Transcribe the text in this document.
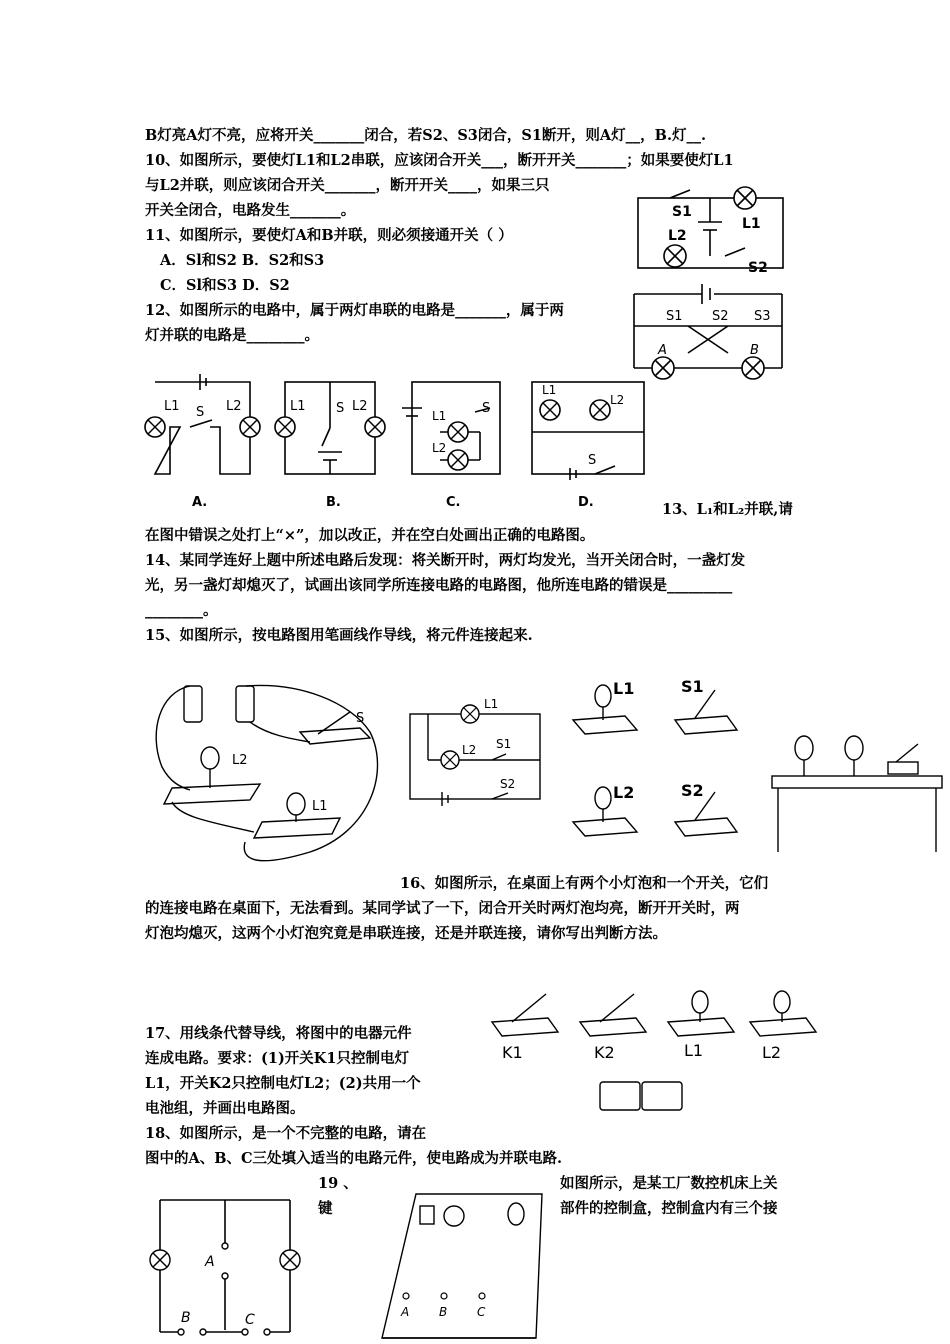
B灯亮A灯不亮，应将开关_______闭合，若S2、S3闭合，S1断开，则A灯__，B.灯__.
10、如图所示，要使灯L1和L2串联，应该闭合开关___，断开开关_______；如果要使灯L1
与L2并联，则应该闭合开关_______，断开开关____，如果三只
开关全闭合，电路发生_______。
11、如图所示，要使灯A和B并联，则必须接通开关（ ）
A．Sl和S2 B．S2和S3
C．Sl和S3 D．S2
12、如图所示的电路中，属于两灯串联的电路是_______，属于两
灯并联的电路是________。
13、L₁和L₂并联,请
在图中错误之处打上“×”，加以改正，并在空白处画出正确的电路图。
14、某同学连好上题中所述电路后发现：将关断开时，两灯均发光，当开关闭合时，一盏灯发
光，另一盏灯却熄灭了，试画出该同学所连接电路的电路图，他所连电路的错误是_________
________。
15、如图所示，按电路图用笔画线作导线，将元件连接起来.
16、如图所示，在桌面上有两个小灯泡和一个开关，它们
的连接电路在桌面下，无法看到。某同学试了一下，闭合开关时两灯泡均亮，断开开关时，两
灯泡均熄灭，这两个小灯泡究竟是串联连接，还是并联连接，请你写出判断方法。
17、用线条代替导线，将图中的电器元件
连成电路。要求：(1)开关K1只控制电灯
L1，开关K2只控制电灯L2；(2)共用一个
电池组，并画出电路图。
18、如图所示，是一个不完整的电路，请在
图中的A、B、C三处填入适当的电路元件，使电路成为并联电路.
19 、	如图所示，是某工厂数控机床上关
键	部件的控制盒，控制盒内有三个接
S1
L1
L2
S2
S1 S2 S3
A	B
L1 S L2	L1 S L2
L1	S
L2
L1
L2
S
A.	B.	C.	D.
S
L2
L1
L1
L2 S1
S2
L1	S1
L2	S2
K1	K2	L1	L2
A
B	C	A B C
